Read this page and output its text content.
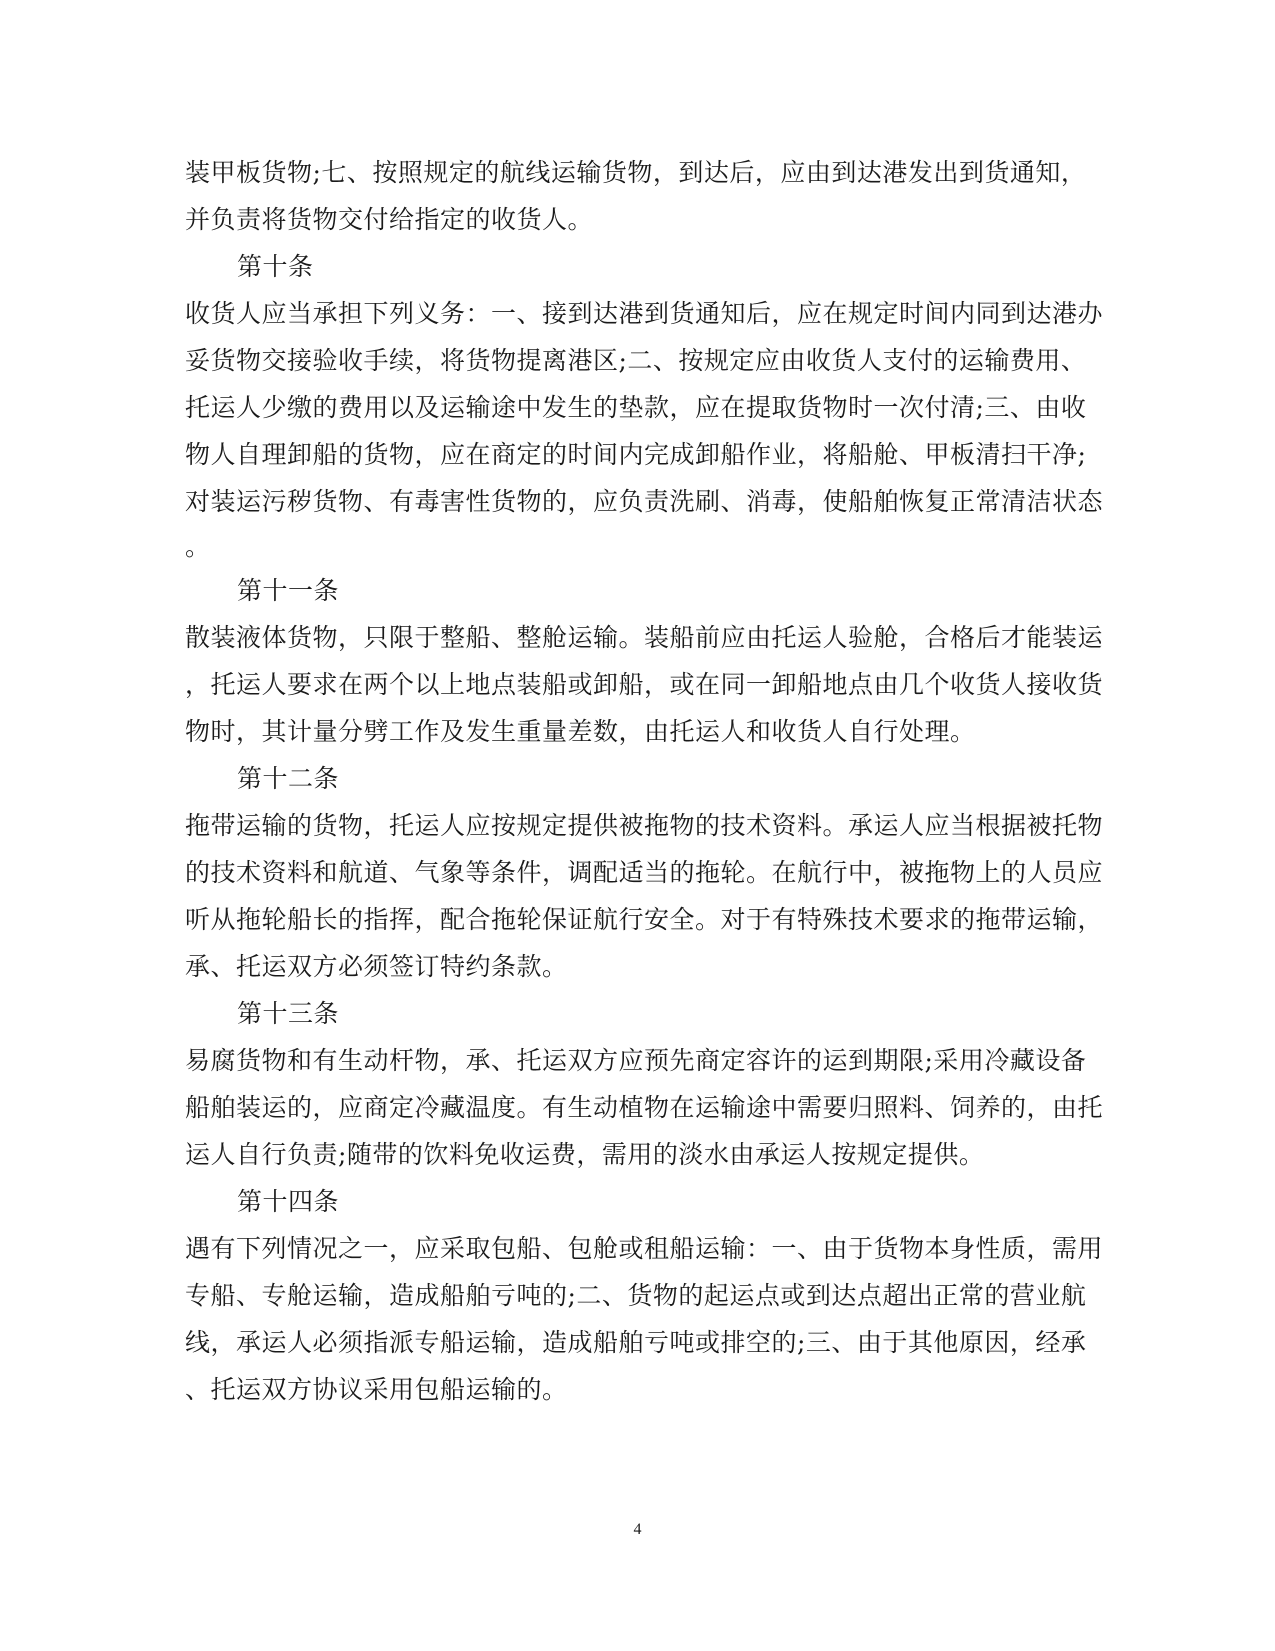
装甲板货物;七、按照规定的航线运输货物，到达后，应由到达港发出到货通知，
并负责将货物交付给指定的收货人。
第十条
收货人应当承担下列义务：一、接到达港到货通知后，应在规定时间内同到达港办
妥货物交接验收手续，将货物提离港区;二、按规定应由收货人支付的运输费用、
托运人少缴的费用以及运输途中发生的垫款，应在提取货物时一次付清;三、由收
物人自理卸船的货物，应在商定的时间内完成卸船作业，将船舱、甲板清扫干净;
对装运污秽货物、有毒害性货物的，应负责洗刷、消毒，使船舶恢复正常清洁状态
。
第十一条
散装液体货物，只限于整船、整舱运输。装船前应由托运人验舱，合格后才能装运
，托运人要求在两个以上地点装船或卸船，或在同一卸船地点由几个收货人接收货
物时，其计量分劈工作及发生重量差数，由托运人和收货人自行处理。
第十二条
拖带运输的货物，托运人应按规定提供被拖物的技术资料。承运人应当根据被托物
的技术资料和航道、气象等条件，调配适当的拖轮。在航行中，被拖物上的人员应
听从拖轮船长的指挥，配合拖轮保证航行安全。对于有特殊技术要求的拖带运输，
承、托运双方必须签订特约条款。
第十三条
易腐货物和有生动杆物，承、托运双方应预先商定容许的运到期限;采用冷藏设备
船舶装运的，应商定冷藏温度。有生动植物在运输途中需要归照料、饲养的，由托
运人自行负责;随带的饮料免收运费，需用的淡水由承运人按规定提供。
第十四条
遇有下列情况之一，应采取包船、包舱或租船运输：一、由于货物本身性质，需用
专船、专舱运输，造成船舶亏吨的;二、货物的起运点或到达点超出正常的营业航
线，承运人必须指派专船运输，造成船舶亏吨或排空的;三、由于其他原因，经承
、托运双方协议采用包船运输的。
4
